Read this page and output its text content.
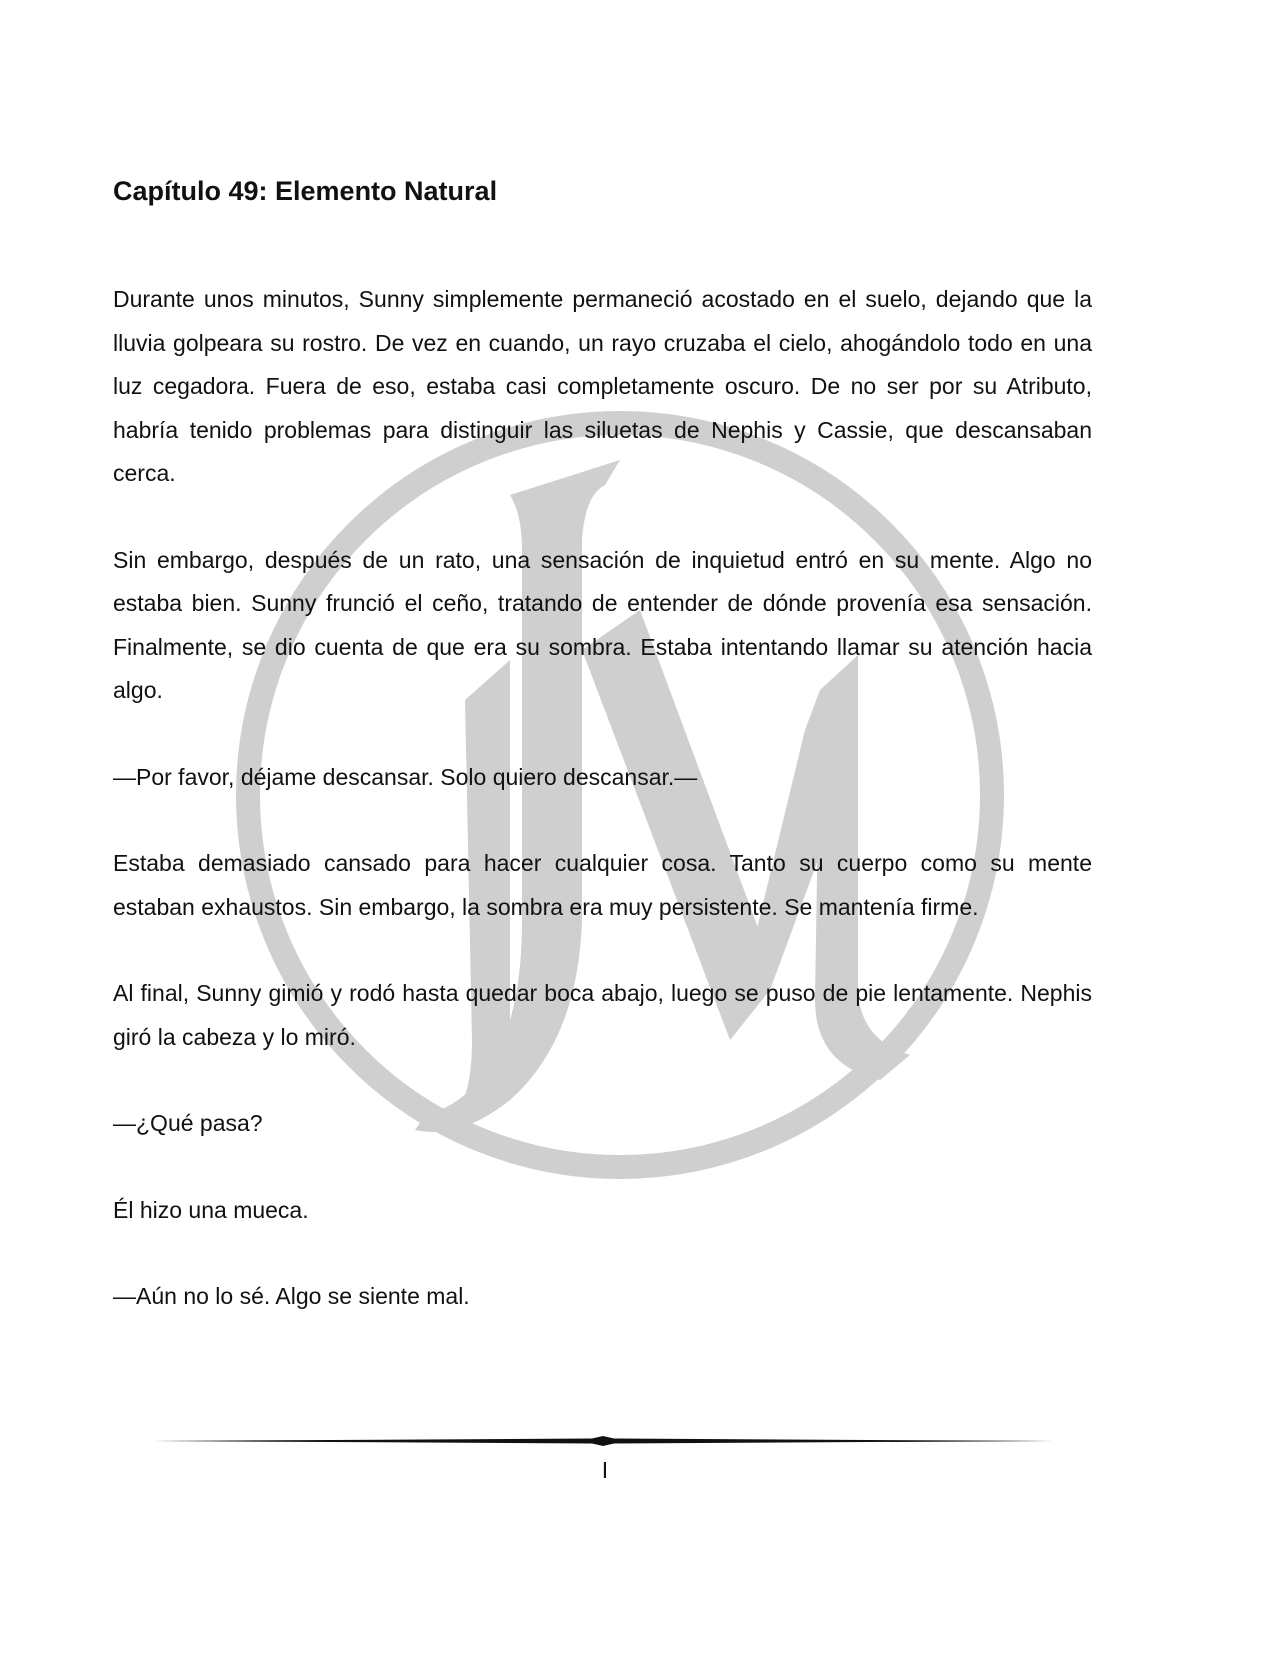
Capítulo 49: Elemento Natural

Durante unos minutos, Sunny simplemente permaneció acostado en el suelo, dejando que la lluvia golpeara su rostro. De vez en cuando, un rayo cruzaba el cielo, ahogándolo todo en una luz cegadora. Fuera de eso, estaba casi completamente oscuro. De no ser por su Atributo, habría tenido problemas para distinguir las siluetas de Nephis y Cassie, que descansaban cerca.

Sin embargo, después de un rato, una sensación de inquietud entró en su mente. Algo no estaba bien. Sunny frunció el ceño, tratando de entender de dónde provenía esa sensación. Finalmente, se dio cuenta de que era su sombra. Estaba intentando llamar su atención hacia algo.

—Por favor, déjame descansar. Solo quiero descansar.—

Estaba demasiado cansado para hacer cualquier cosa. Tanto su cuerpo como su mente estaban exhaustos. Sin embargo, la sombra era muy persistente. Se mantenía firme.

Al final, Sunny gimió y rodó hasta quedar boca abajo, luego se puso de pie lentamente. Nephis giró la cabeza y lo miró.

—¿Qué pasa?

Él hizo una mueca.

—Aún no lo sé. Algo se siente mal.

I
